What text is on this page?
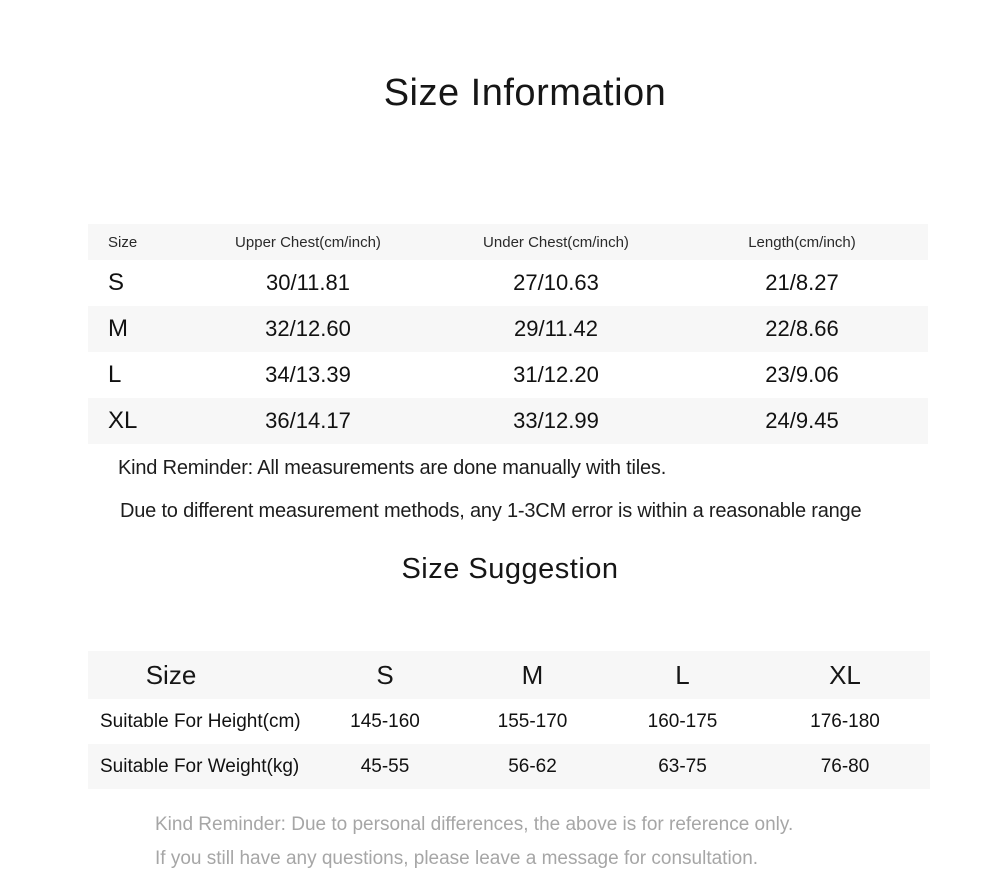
Size Information
Size	Upper Chest(cm/inch)	Under Chest(cm/inch)	Length(cm/inch)
S	30/11.81	27/10.63	21/8.27
M	32/12.60	29/11.42	22/8.66
L	34/13.39	31/12.20	23/9.06
XL	36/14.17	33/12.99	24/9.45

Kind Reminder: All measurements are done manually with tiles.

Due to different measurement methods, any 1-3CM error is within a reasonable range

Size Suggestion
Size	S	M	L	XL
Suitable For Height(cm)	145-160	155-170	160-175	176-180
Suitable For Weight(kg)	45-55	56-62	63-75	76-80

Kind Reminder: Due to personal differences, the above is for reference only.

If you still have any questions, please leave a message for consultation.
